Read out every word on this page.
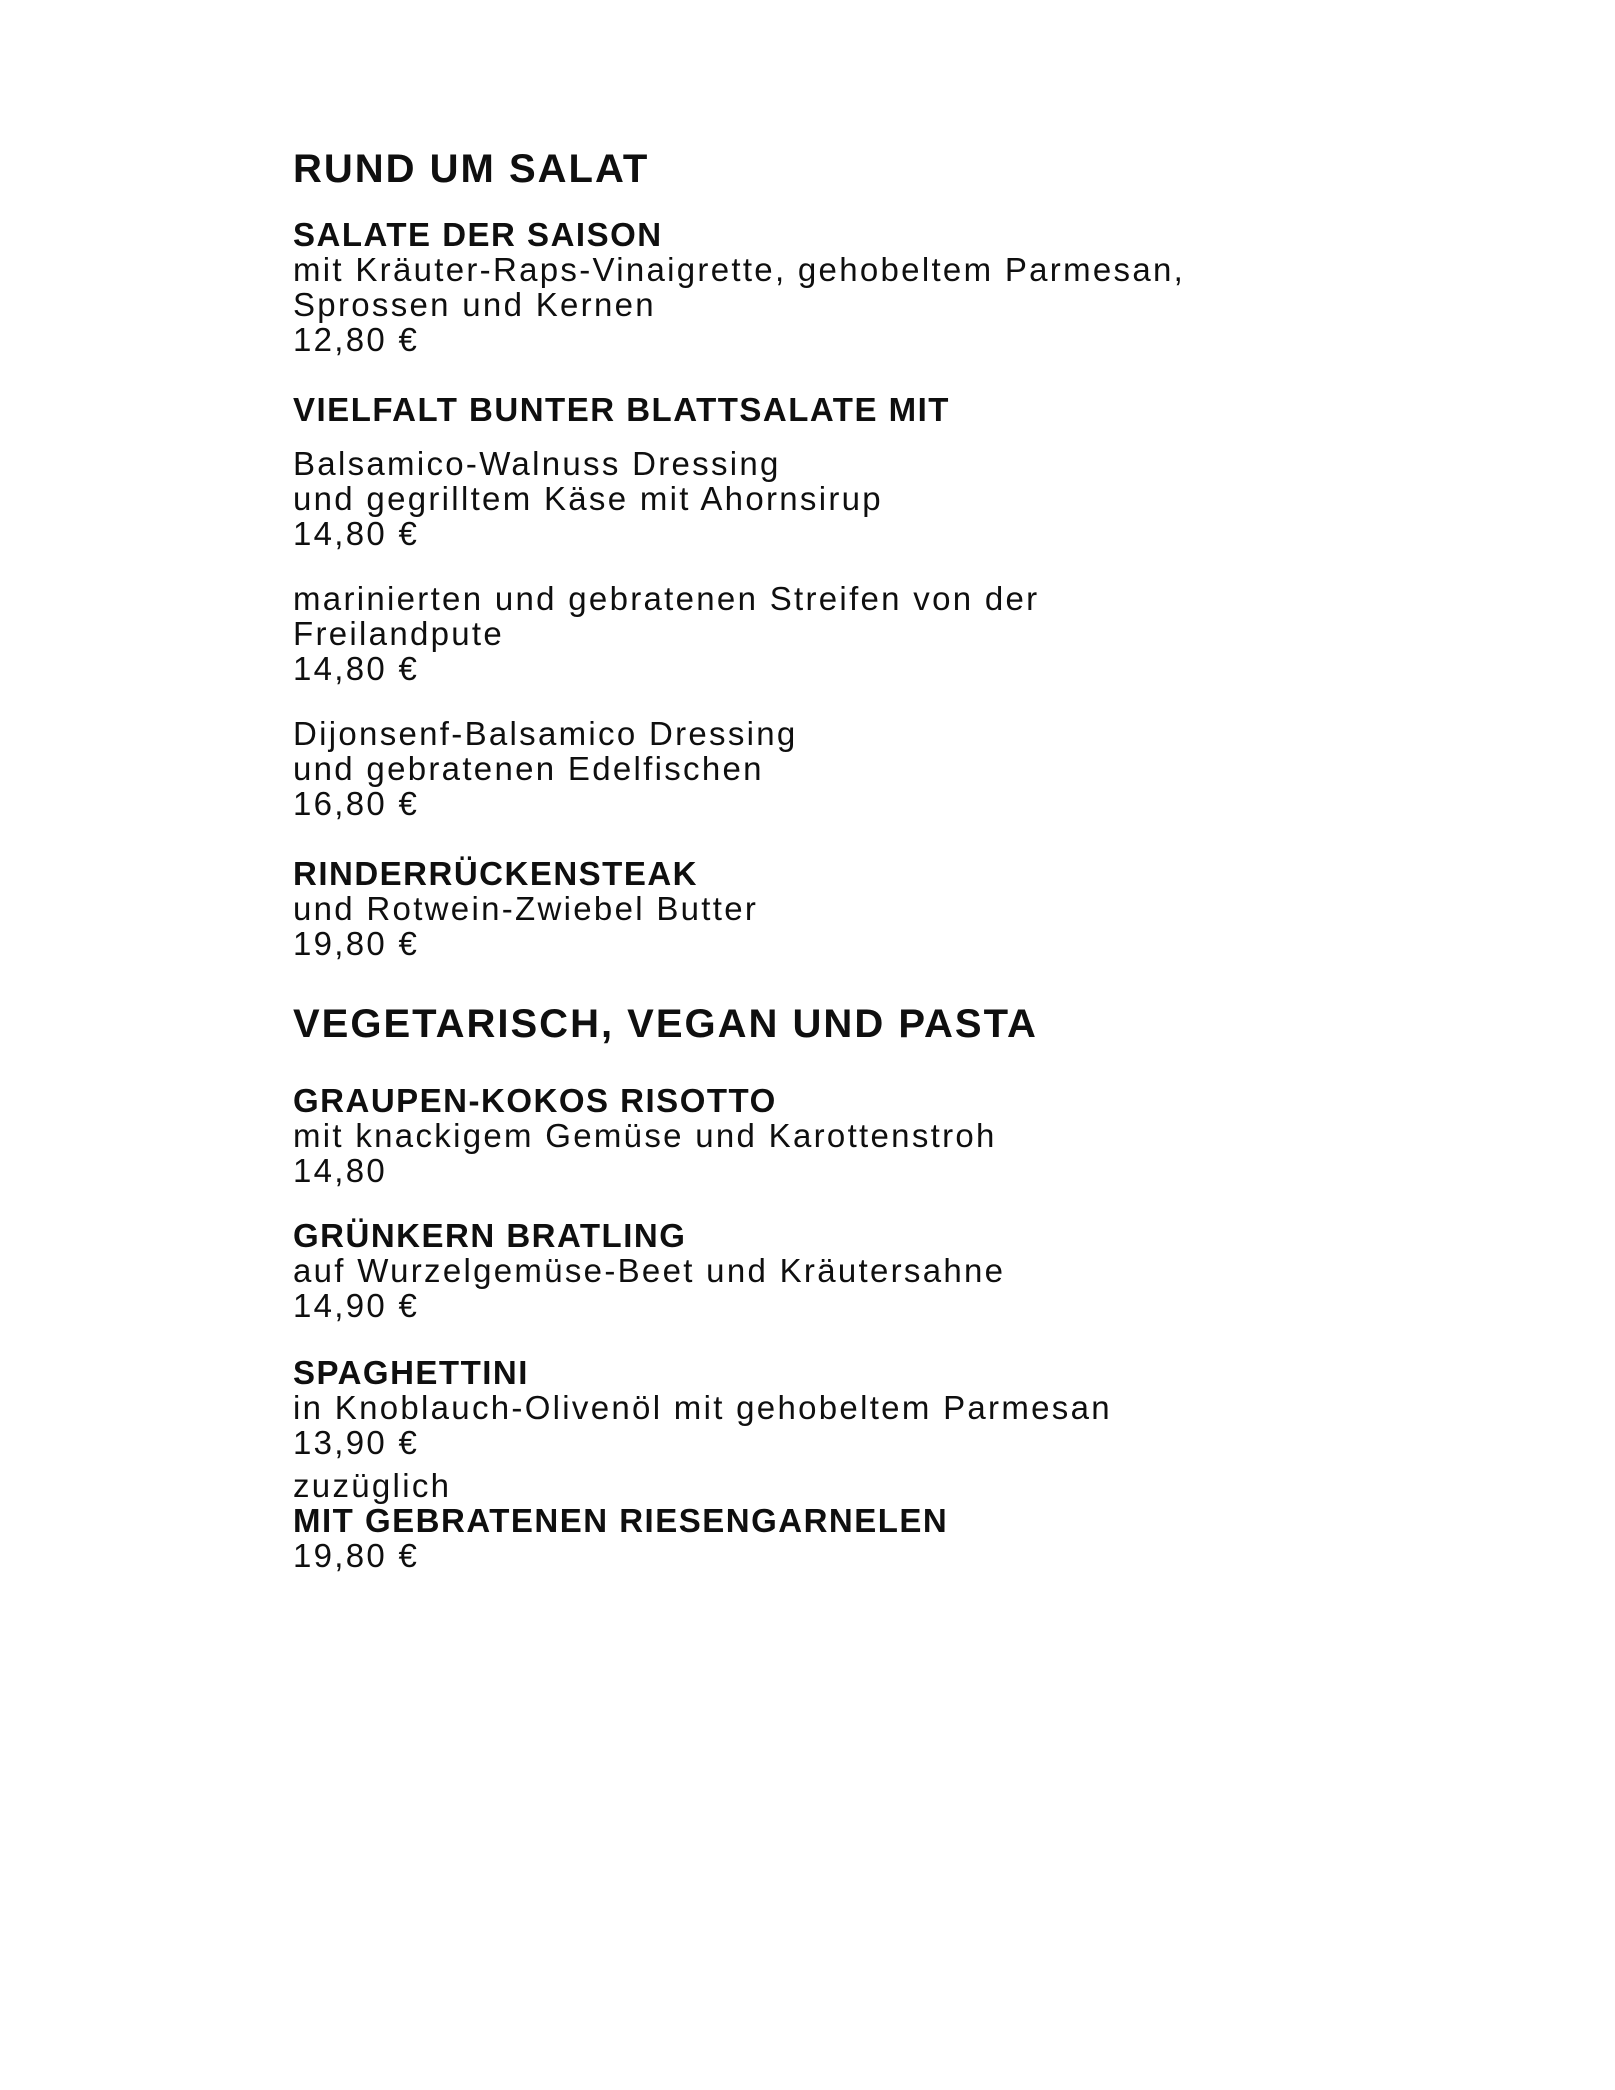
RUND UM SALAT
SALATE DER SAISON

mit Kräuter-Raps-Vinaigrette, gehobeltem Parmesan,

Sprossen und Kernen

12,80 €

VIELFALT BUNTER BLATTSALATE MIT

Balsamico-Walnuss Dressing

und gegrilltem Käse mit Ahornsirup

14,80 €

marinierten und gebratenen Streifen von der

Freilandpute

14,80 €

Dijonsenf-Balsamico Dressing

und gebratenen Edelfischen

16,80 €

RINDERRÜCKENSTEAK

und Rotwein-Zwiebel Butter

19,80 €

VEGETARISCH, VEGAN UND PASTA
GRAUPEN-KOKOS RISOTTO

mit knackigem Gemüse und Karottenstroh

14,80

GRÜNKERN BRATLING

auf Wurzelgemüse-Beet und Kräutersahne

14,90 €

SPAGHETTINI

in Knoblauch-Olivenöl mit gehobeltem Parmesan

13,90 €

zuzüglich

MIT GEBRATENEN RIESENGARNELEN

19,80 €
